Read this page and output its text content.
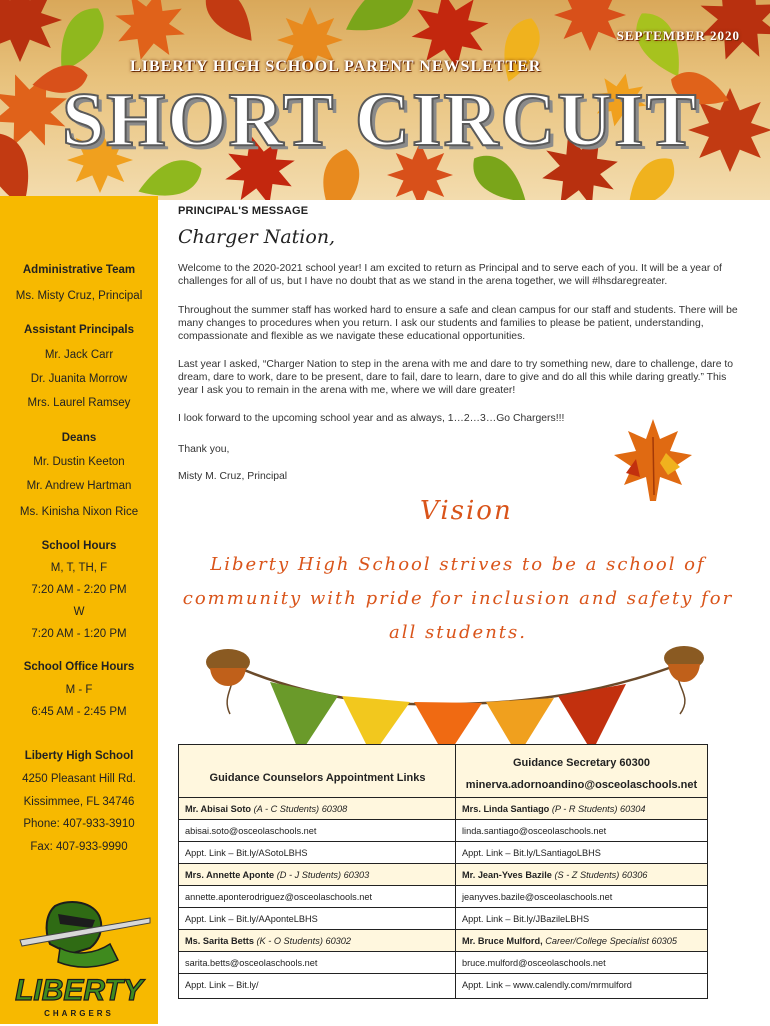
SEPTEMBER 2020
LIBERTY HIGH SCHOOL PARENT NEWSLETTER
SHORT CIRCUIT
Administrative Team
Ms. Misty Cruz, Principal
Assistant Principals
Mr. Jack Carr
Dr. Juanita Morrow
Mrs. Laurel Ramsey
Deans
Mr. Dustin Keeton
Mr. Andrew Hartman
Ms. Kinisha Nixon Rice
School Hours
M, T, TH, F
7:20 AM - 2:20 PM
W
7:20 AM - 1:20 PM
School Office Hours
M - F
6:45 AM - 2:45 PM
Liberty High School
4250 Pleasant Hill Rd.
Kissimmee, FL 34746
Phone: 407-933-3910
Fax: 407-933-9990
LIBERTY
CHARGERS
PRINCIPAL'S MESSAGE
Charger Nation,
Welcome to the 2020-2021 school year! I am excited to return as Principal and to serve each of you. It will be a year of challenges for all of us, but I have no doubt that as we stand in the arena together, we will #lhsdaregreater.
Throughout the summer staff has worked hard to ensure a safe and clean campus for our staff and students. There will be many changes to procedures when you return. I ask our students and families to please be patient, understanding, compassionate and flexible as we navigate these educational opportunities.
Last year I asked, “Charger Nation to step in the arena with me and dare to try something new, dare to challenge, dare to dream, dare to work, dare to be present, dare to fail, dare to learn, dare to give and do all this while daring greatly.” This year I ask you to remain in the arena with me, where we will dare greater!
I look forward to the upcoming school year and as always, 1…2…3…Go Chargers!!!
Thank you,
Misty M. Cruz, Principal
Vision
Liberty High School strives to be a school of community with pride for inclusion and safety for all students.
Guidance Counselors Appointment Links
Guidance Secretary 60300
minerva.adornoandino@osceolaschools.net
Mr. Abisai Soto (A - C Students) 60308
abisai.soto@osceolaschools.net
Appt. Link – Bit.ly/ASotoLBHS
Mrs. Annette Aponte (D - J Students) 60303
annette.aponterodriguez@osceolaschools.net
Appt. Link – Bit.ly/AAponteLBHS
Ms. Sarita Betts (K - O Students) 60302
sarita.betts@osceolaschools.net
Appt. Link – Bit.ly/
Mrs. Linda Santiago (P - R Students) 60304
linda.santiago@osceolaschools.net
Appt. Link – Bit.ly/LSantiagoLBHS
Mr. Jean-Yves Bazile (S - Z Students) 60306
jeanyves.bazile@osceolaschools.net
Appt. Link – Bit.ly/JBazileLBHS
Mr. Bruce Mulford, Career/College Specialist 60305
bruce.mulford@osceolaschools.net
Appt. Link – www.calendly.com/mrmulford
